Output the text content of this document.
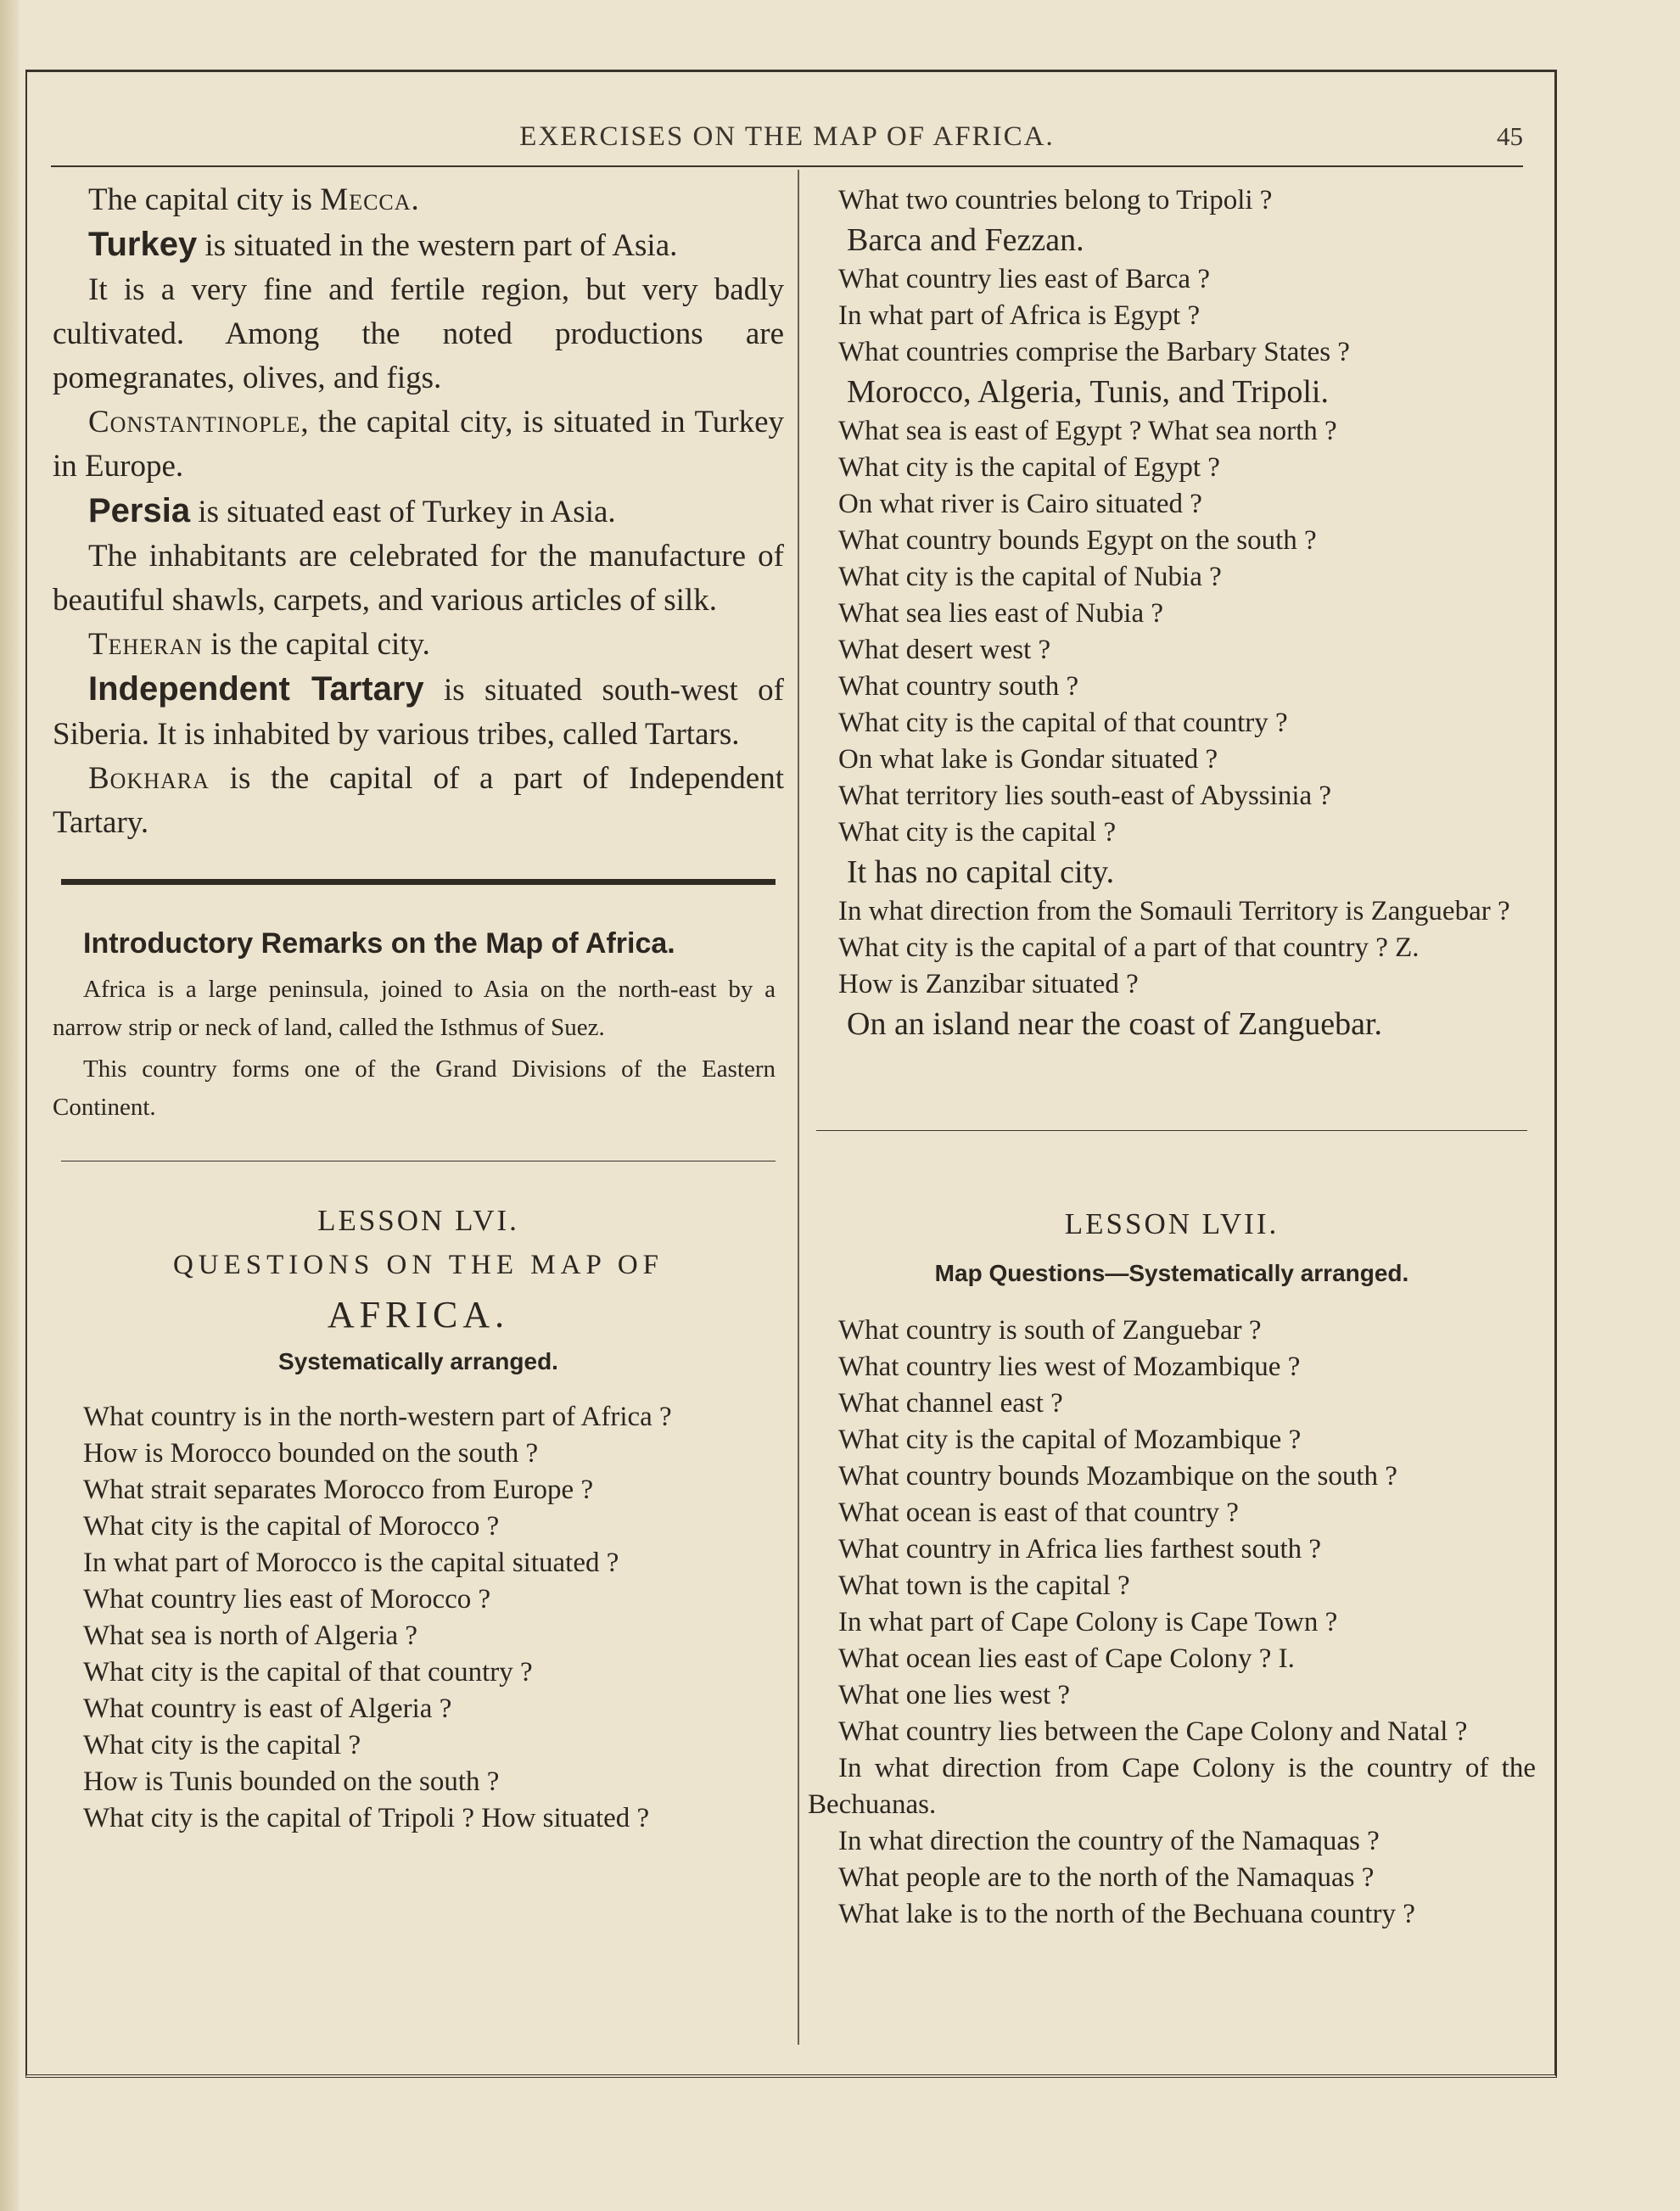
EXERCISES ON THE MAP OF AFRICA.	45

The capital city is Mecca.

Turkey is situated in the western part of Asia.

It is a very fine and fertile region, but very badly cultivated. Among the noted productions are pomegranates, olives, and figs.

Constantinople, the capital city, is situated in Turkey in Europe.

Persia is situated east of Turkey in Asia.

The inhabitants are celebrated for the manufacture of beautiful shawls, carpets, and various articles of silk.

Teheran is the capital city.

Independent Tartary is situated south-west of Siberia. It is inhabited by various tribes, called Tartars.

Bokhara is the capital of a part of Independent Tartary.

Introductory Remarks on the Map of Africa.

Africa is a large peninsula, joined to Asia on the north-east by a narrow strip or neck of land, called the Isthmus of Suez.

This country forms one of the Grand Divisions of the Eastern Continent.

LESSON LVI.

QUESTIONS ON THE MAP OF

AFRICA.

Systematically arranged.

What country is in the north-western part of Africa ?

How is Morocco bounded on the south ?

What strait separates Morocco from Europe ?

What city is the capital of Morocco ?

In what part of Morocco is the capital situated ?

What country lies east of Morocco ?

What sea is north of Algeria ?

What city is the capital of that country ?

What country is east of Algeria ?

What city is the capital ?

How is Tunis bounded on the south ?

What city is the capital of Tripoli ? How situated ?

What two countries belong to Tripoli ?

Barca and Fezzan.

What country lies east of Barca ?

In what part of Africa is Egypt ?

What countries comprise the Barbary States ?

Morocco, Algeria, Tunis, and Tripoli.

What sea is east of Egypt ? What sea north ?

What city is the capital of Egypt ?

On what river is Cairo situated ?

What country bounds Egypt on the south ?

What city is the capital of Nubia ?

What sea lies east of Nubia ?

What desert west ?

What country south ?

What city is the capital of that country ?

On what lake is Gondar situated ?

What territory lies south-east of Abyssinia ?

What city is the capital ?

It has no capital city.

In what direction from the Somauli Territory is Zanguebar ?

What city is the capital of a part of that country ? Z.

How is Zanzibar situated ?

On an island near the coast of Zanguebar.

LESSON LVII.

Map Questions—Systematically arranged.

What country is south of Zanguebar ?

What country lies west of Mozambique ?

What channel east ?

What city is the capital of Mozambique ?

What country bounds Mozambique on the south ?

What ocean is east of that country ?

What country in Africa lies farthest south ?

What town is the capital ?

In what part of Cape Colony is Cape Town ?

What ocean lies east of Cape Colony ? I.

What one lies west ?

What country lies between the Cape Colony and Natal ?

In what direction from Cape Colony is the country of the Bechuanas.

In what direction the country of the Namaquas ?

What people are to the north of the Namaquas ?

What lake is to the north of the Bechuana country ?
